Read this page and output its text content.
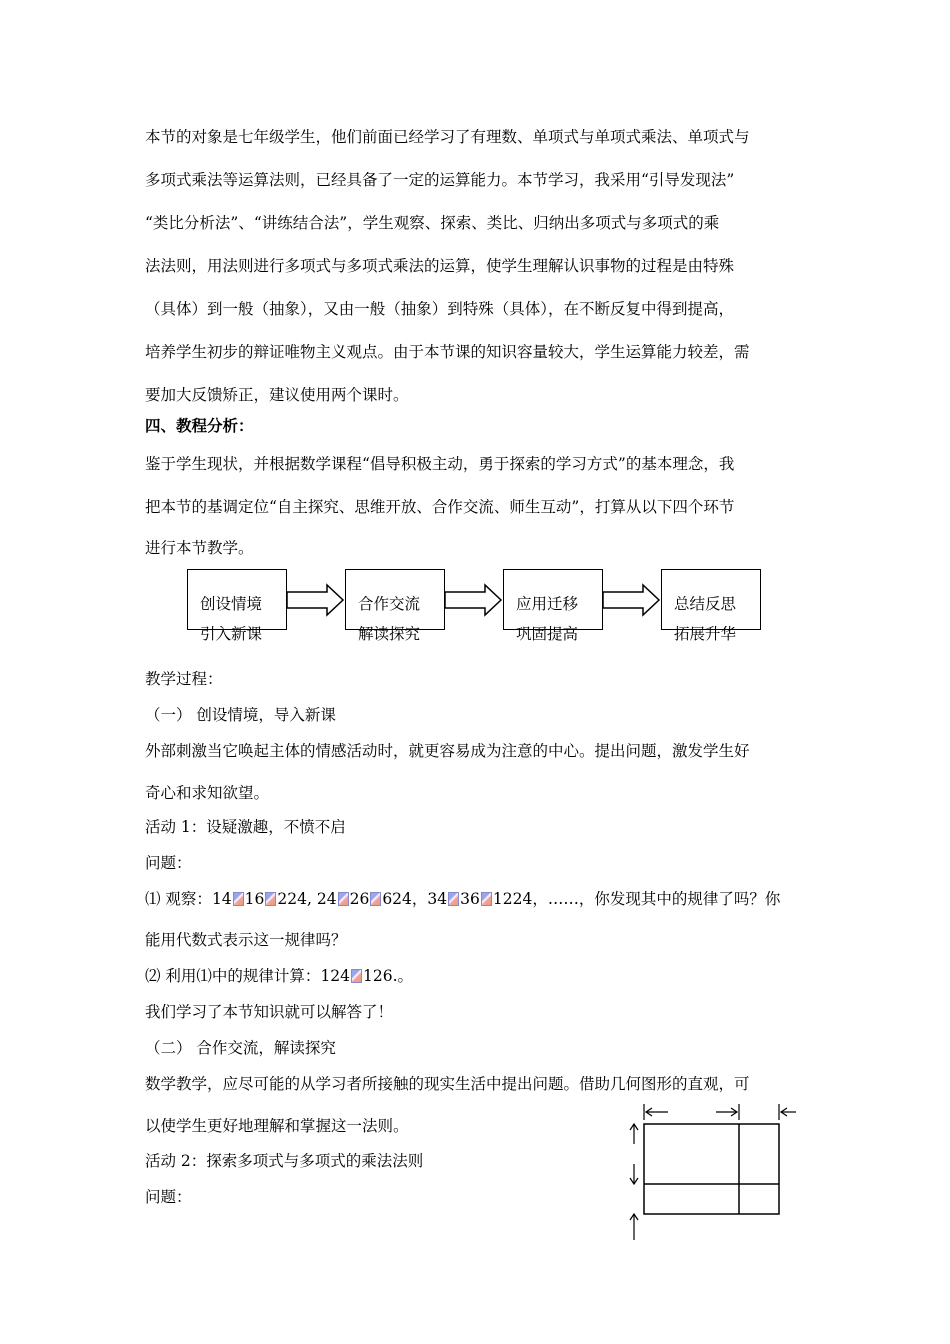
本节的对象是七年级学生，他们前面已经学习了有理数、单项式与单项式乘法、单项式与
多项式乘法等运算法则，已经具备了一定的运算能力。本节学习，我采用“引导发现法”
“类比分析法”、“讲练结合法”，学生观察、探索、类比、归纳出多项式与多项式的乘
法法则，用法则进行多项式与多项式乘法的运算，使学生理解认识事物的过程是由特殊
（具体）到一般（抽象），又由一般（抽象）到特殊（具体），在不断反复中得到提高，
培养学生初步的辩证唯物主义观点。由于本节课的知识容量较大，学生运算能力较差，需
要加大反馈矫正，建议使用两个课时。
四、教程分析：
鉴于学生现状，并根据数学课程“倡导积极主动，勇于探索的学习方式”的基本理念，我
把本节的基调定位“自主探究、思维开放、合作交流、师生互动”，打算从以下四个环节
进行本节教学。
创设情境
引入新课
合作交流
解读探究
应用迁移
巩固提高
总结反思
拓展升华
教学过程：
（一） 创设情境，导入新课
外部刺激当它唤起主体的情感活动时，就更容易成为注意的中心。提出问题，激发学生好
奇心和求知欲望。
活动 1：设疑激趣，不愤不启
问题：
⑴ 观察：14 16 224, 24 26 624，34 36 1224，……，你发现其中的规律了吗？你
能用代数式表示这一规律吗？
⑵ 利用⑴中的规律计算：124 126.。
我们学习了本节知识就可以解答了！
（二） 合作交流，解读探究
数学教学，应尽可能的从学习者所接触的现实生活中提出问题。借助几何图形的直观，可
以使学生更好地理解和掌握这一法则。
活动 2：探索多项式与多项式的乘法法则
问题：
